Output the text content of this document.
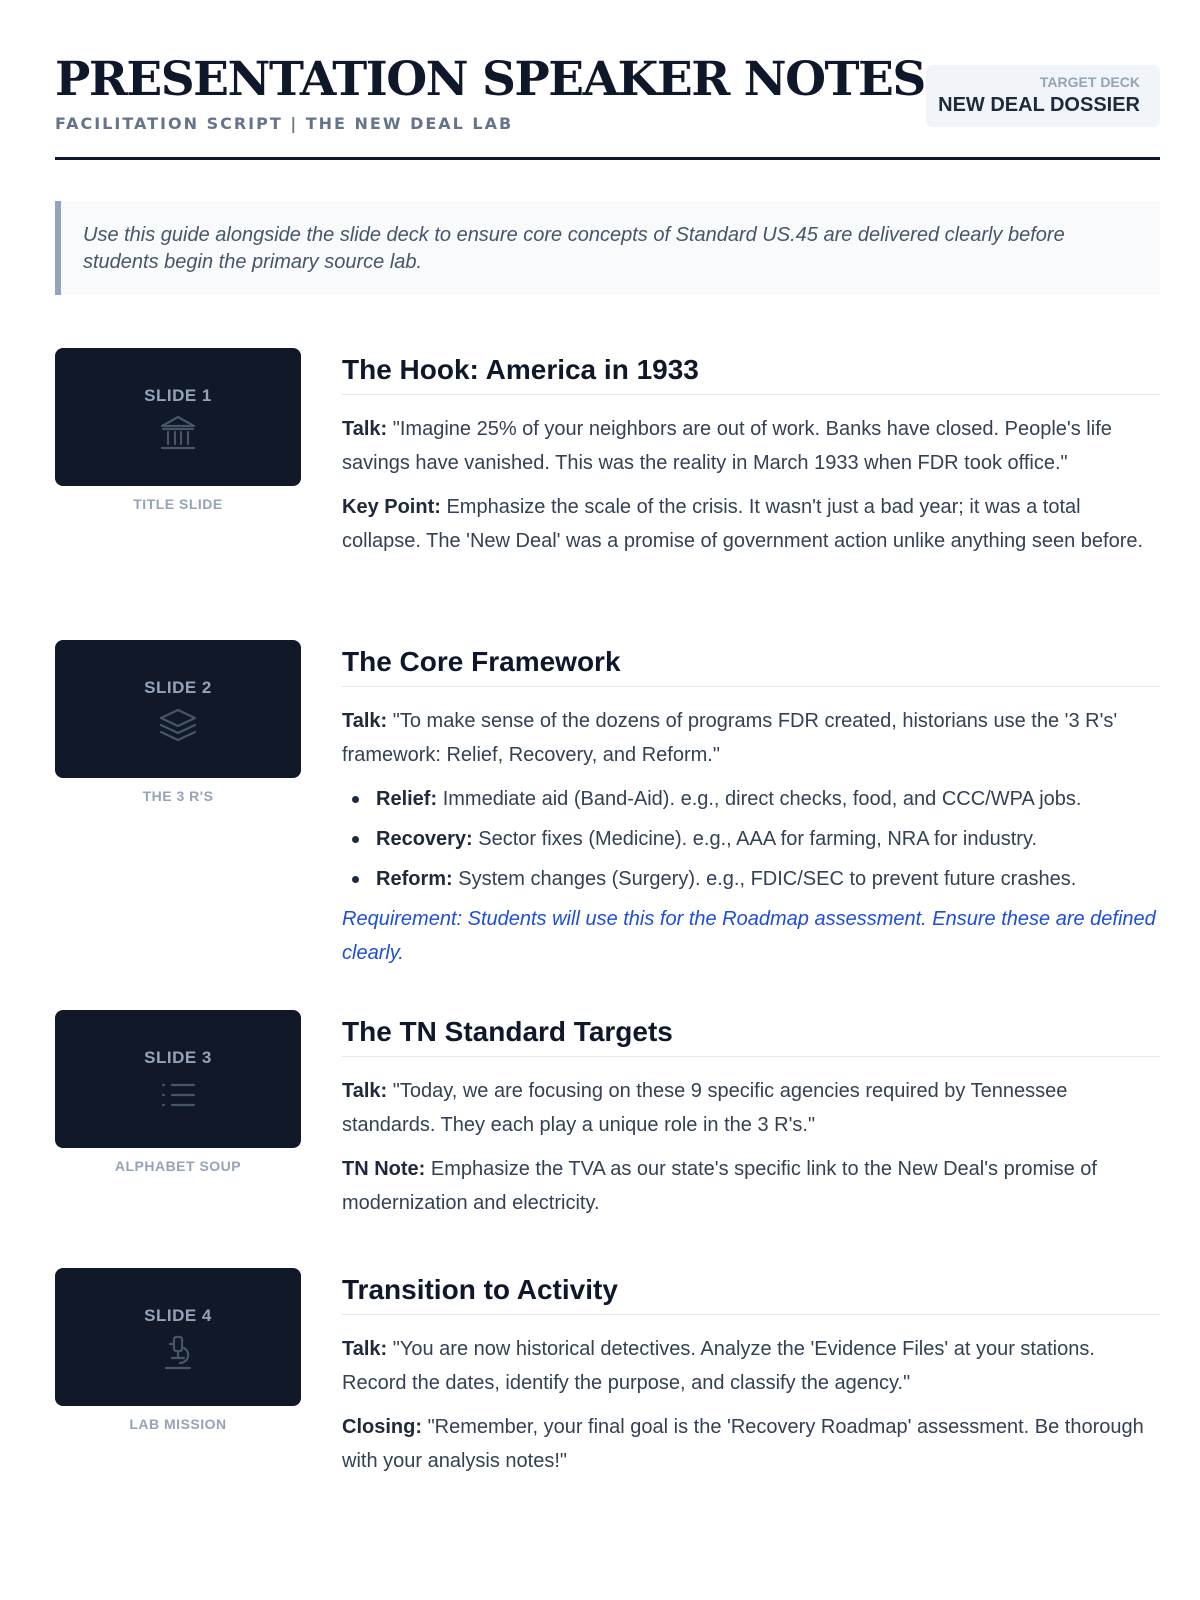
PRESENTATION SPEAKER NOTES
FACILITATION SCRIPT | THE NEW DEAL LAB
TARGET DECK
NEW DEAL DOSSIER
Use this guide alongside the slide deck to ensure core concepts of Standard US.45 are delivered clearly before students begin the primary source lab.
SLIDE 1
TITLE SLIDE
The Hook: America in 1933

Talk: "Imagine 25% of your neighbors are out of work. Banks have closed. People's life savings have vanished. This was the reality in March 1933 when FDR took office."

Key Point: Emphasize the scale of the crisis. It wasn't just a bad year; it was a total collapse. The 'New Deal' was a promise of government action unlike anything seen before.

SLIDE 2
THE 3 R'S
The Core Framework

Talk: "To make sense of the dozens of programs FDR created, historians use the '3 R's' framework: Relief, Recovery, and Reform."

Relief: Immediate aid (Band-Aid). e.g., direct checks, food, and CCC/WPA jobs.
Recovery: Sector fixes (Medicine). e.g., AAA for farming, NRA for industry.
Reform: System changes (Surgery). e.g., FDIC/SEC to prevent future crashes.

Requirement: Students will use this for the Roadmap assessment. Ensure these are defined clearly.

SLIDE 3
ALPHABET SOUP
The TN Standard Targets

Talk: "Today, we are focusing on these 9 specific agencies required by Tennessee standards. They each play a unique role in the 3 R's."

TN Note: Emphasize the TVA as our state's specific link to the New Deal's promise of modernization and electricity.

SLIDE 4
LAB MISSION
Transition to Activity

Talk: "You are now historical detectives. Analyze the 'Evidence Files' at your stations. Record the dates, identify the purpose, and classify the agency."

Closing: "Remember, your final goal is the 'Recovery Roadmap' assessment. Be thorough with your analysis notes!"
